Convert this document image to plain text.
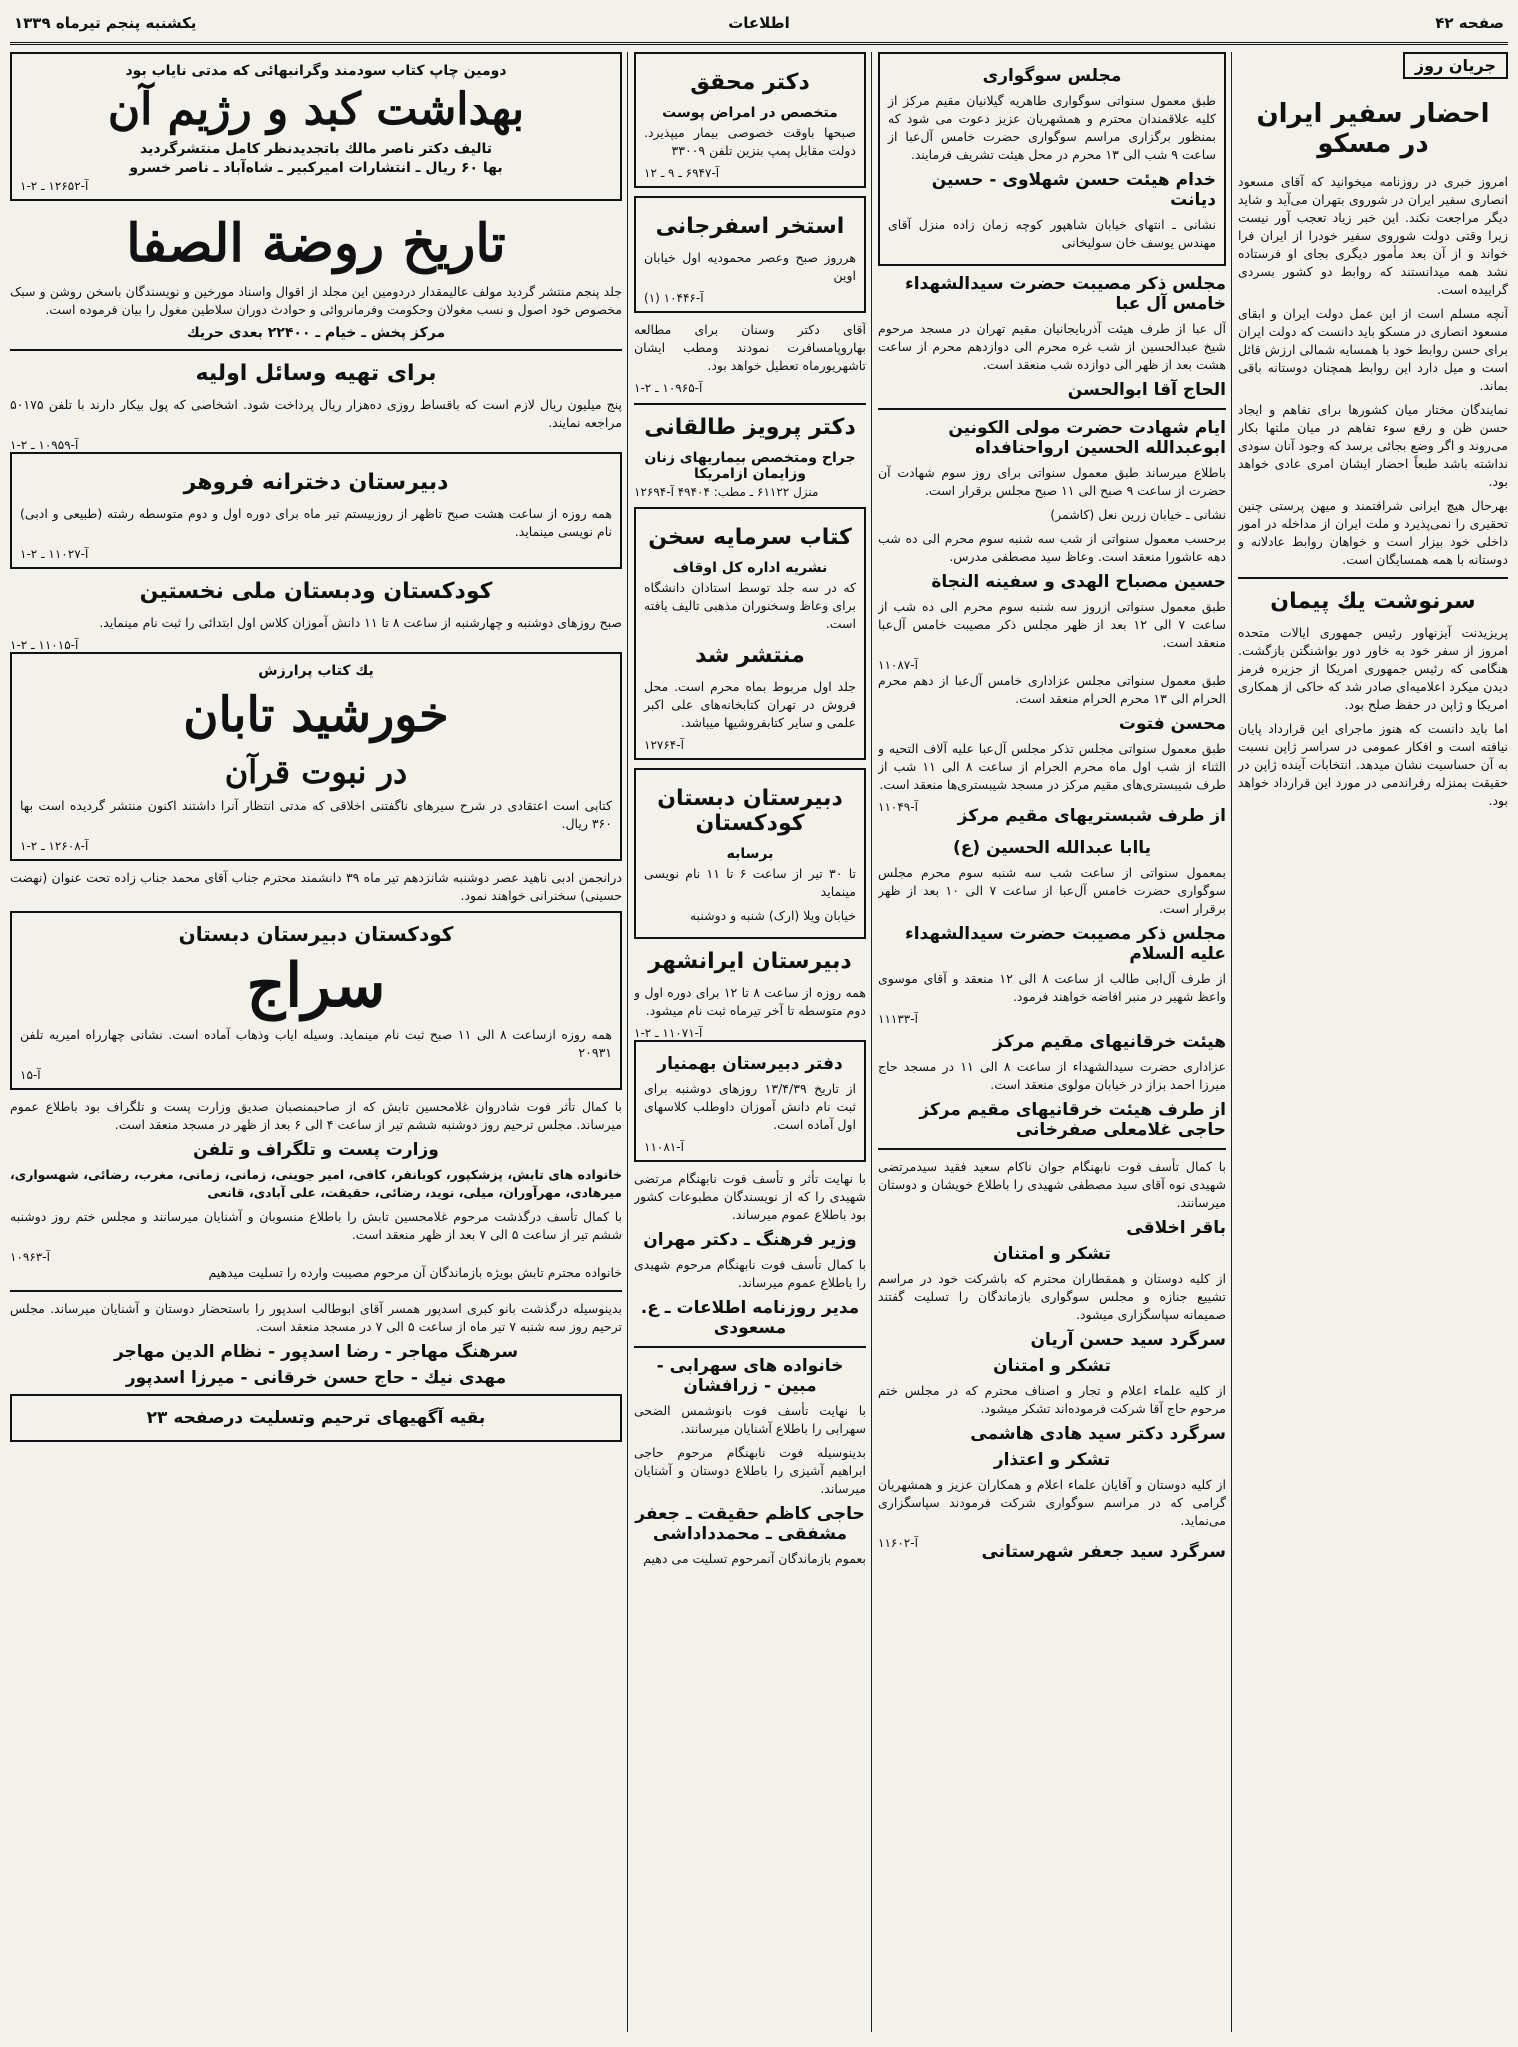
صفحه ۴۲
اطلاعات
یکشنبه پنجم تیرماه ۱۳۳۹
جریان روز
احضار سفیر ایران در مسکو

امروز خبری در روزنامه میخوانید که آقای مسعود انصاری سفیر ایران در شوروی بتهران می‌آید و شاید دیگر مراجعت نکند. این خبر زیاد تعجب آور نیست زیرا وقتی دولت شوروی سفیر خودرا از ایران فرا خواند و از آن بعد مأمور دیگری بجای او فرستاده نشد همه میدانستند که روابط دو کشور بسردی گراییده است.

آنچه مسلم است از این عمل دولت ایران و ابقای مسعود انصاری در مسکو باید دانست که دولت ایران برای حسن روابط خود با همسایه شمالی ارزش قائل است و میل دارد این روابط همچنان دوستانه باقی بماند.

نمایندگان مختار میان کشورها برای تفاهم و ایجاد حسن ظن و رفع سوء تفاهم در میان ملتها بکار می‌روند و اگر وضع بجائی برسد که وجود آنان سودی نداشته باشد طبعاً احضار ایشان امری عادی خواهد بود.

بهرحال هیچ ایرانی شرافتمند و میهن پرستی چنین تحقیری را نمی‌پذیرد و ملت ایران از مداخله در امور داخلی خود بیزار است و خواهان روابط عادلانه و دوستانه با همه همسایگان است.

سرنوشت یك پیمان

پریزیدنت آیزنهاور رئیس جمهوری ایالات متحده امروز از سفر خود به خاور دور بواشنگتن بازگشت. هنگامی که رئیس جمهوری امریکا از جزیره فرمز دیدن میکرد اعلامیه‌ای صادر شد که حاکی از همکاری امریکا و ژاپن در حفظ صلح بود.

اما باید دانست که هنوز ماجرای این قرارداد پایان نیافته است و افکار عمومی در سراسر ژاپن نسبت به آن حساسیت نشان میدهد. انتخابات آینده ژاپن در حقیقت بمنزله رفراندمی در مورد این قرارداد خواهد بود.

مجلس سوگواری

طبق معمول سنواتی سوگواری طاهریه گیلانیان مقیم مرکز از کلیه علاقمندان محترم و همشهریان عزیز دعوت می شود که بمنظور برگزاری مراسم سوگواری حضرت خامس آل‌عبا از ساعت ۹ شب الی ۱۳ محرم در محل هیئت تشریف فرمایند.

خدام هیئت حسن شهلاوی - حسین دیانت

نشانی ـ انتهای خیابان شاهپور کوچه زمان زاده منزل آقای مهندس یوسف خان سولیخانی

مجلس ذکر مصیبت حضرت سیدالشهداء خامس آل عبا

آل عبا از طرف هیئت آذربایجانیان مقیم تهران در مسجد مرحوم شیخ عبدالحسین از شب غره محرم الی دوازدهم محرم از ساعت هشت بعد از ظهر الی دوازده شب منعقد است.

الحاج آقا ابوالحسن
ایام شهادت حضرت مولی الکونین ابوعبدالله الحسین ارواحنافداه

باطلاع میرساند طبق معمول سنواتی برای روز سوم شهادت آن حضرت از ساعت ۹ صبح الی ۱۱ صبح مجلس برقرار است.

نشانی ـ خیابان زرین نعل (کاشمر)

برحسب معمول سنواتی از شب سه شنبه سوم محرم الی ده شب دهه عاشورا منعقد است. وعاظ سید مصطفی مدرس.

حسین مصباح الهدی و سفینه النجاة

طبق معمول سنواتی ازروز سه شنبه سوم محرم الی ده شب از ساعت ۷ الی ۱۲ بعد از ظهر مجلس ذکر مصیبت خامس آل‌عبا منعقد است.

آ-۱۱۰۸۷

طبق معمول سنواتی مجلس عزاداری خامس آل‌عبا از دهم محرم الحرام الی ۱۳ محرم الحرام منعقد است.

محسن فتوت

طبق معمول سنواتی مجلس تذکر مجلس آل‌عبا علیه آلاف التحیه و الثناء از شب اول ماه محرم الحرام از ساعت ۸ الی ۱۱ شب از طرف شیبستری‌های مقیم مرکز در مسجد شیبستری‌ها منعقد است.

از طرف شبستریهای مقیم مرکز
آ-۱۱۰۴۹
یاابا عبدالله الحسین (ع)

بمعمول سنواتی از ساعت شب سه شنبه سوم محرم مجلس سوگواری حضرت خامس آل‌عبا از ساعت ۷ الی ۱۰ بعد از ظهر برقرار است.

مجلس ذکر مصیبت حضرت سیدالشهداء علیه السلام

از طرف آل‌ابی طالب از ساعت ۸ الی ۱۲ منعقد و آقای موسوی واعظ شهیر در منبر افاضه خواهند فرمود.

آ-۱۱۱۳۳
هیئت خرقانیهای مقیم مرکز

عزاداری حضرت سیدالشهداء از ساعت ۸ الی ۱۱ در مسجد حاج میرزا احمد بزاز در خیابان مولوی منعقد است.

از طرف هیئت خرقانیهای مقیم مرکز حاجی غلامعلی صفرخانی

با کمال تأسف فوت نابهنگام جوان ناکام سعید فقید سیدمرتضی شهیدی نوه آقای سید مصطفی شهیدی را باطلاع خویشان و دوستان میرسانند.

باقر اخلاقی
تشکر و امتنان

از کلیه دوستان و همقطاران محترم که باشرکت خود در مراسم تشییع جنازه و مجلس سوگواری بازماندگان را تسلیت گفتند صمیمانه سپاسگزاری میشود.

سرگرد سید حسن آریان
تشکر و امتنان

از کلیه علماء اعلام و تجار و اصناف محترم که در مجلس ختم مرحوم حاج آقا شرکت فرموده‌اند تشکر میشود.

سرگرد دکتر سید هادی هاشمی
تشکر و اعتذار

از کلیه دوستان و آقایان علماء اعلام و همکاران عزیز و همشهریان گرامی که در مراسم سوگواری شرکت فرمودند سپاسگزاری می‌نماید.

سرگرد سید جعفر شهرستانی
آ-۱۱۶۰۲
دکتر محقق
متخصص در امراض پوست

صبحها باوقت خصوصی بیمار میپذیرد. دولت مقابل پمپ بنزین تلفن ۳۳۰۰۹

آ-۶۹۴۷ ـ ۹ ـ ۱۲
استخر اسفرجانی

هرروز صبح وعصر محمودیه اول خیابان اوین

آ-۱۰۴۴۶ (۱)

آقای دکتر وسنان برای مطالعه بهاروپامسافرت نمودند ومطب ایشان تاشهریورماه تعطیل خواهد بود.

آ-۱۰۹۶۵ ـ ۲-۱
دکتر پرویز طالقانی
جراح ومتخصص بیماریهای زنان وزایمان ازامریکا
منزل ۶۱۱۲۲ ـ مطب: ۴۹۴۰۴ آ-۱۲۶۹۴
کتاب سرمایه سخن
نشریه اداره کل اوقاف

که در سه جلد توسط استادان دانشگاه برای وعاظ وسخنوران مذهبی تالیف یافته است.

منتشر شد

جلد اول مربوط بماه محرم است. محل فروش در تهران کتابخانه‌های علی اکبر علمی و سایر کتابفروشیها میباشد.

آ-۱۲۷۶۴
دبیرستان دبستان کودکستان
برسابه

تا ۳۰ تیر از ساعت ۶ تا ۱۱ نام نویسی مینماید

خیابان ویلا (ارک) شنبه و دوشنبه

دبیرستان ایرانشهر

همه روزه از ساعت ۸ تا ۱۲ برای دوره اول و دوم متوسطه تا آخر تیرماه ثبت نام میشود.

آ-۱۱۰۷۱ ـ ۲-۱
دفتر دبیرستان بهمنیار

از تاریخ ۱۳/۴/۳۹ روزهای دوشنبه برای ثبت نام دانش آموزان داوطلب کلاسهای اول آماده است.

آ-۱۱۰۸۱

با نهایت تأثر و تأسف فوت نابهنگام مرتضی شهیدی را که از نویسندگان مطبوعات کشور بود باطلاع عموم میرساند.

وزیر فرهنگ ـ دکتر مهران

با کمال تأسف فوت نابهنگام مرحوم شهیدی را باطلاع عموم میرساند.

مدیر روزنامه اطلاعات ـ ع. مسعودی
خانواده های سهرابی - مبین - زرافشان

با نهایت تأسف فوت بانوشمس الضحی سهرابی را باطلاع آشنایان میرسانند.

بدینوسیله فوت نابهنگام مرحوم حاجی ابراهیم آشیزی را باطلاع دوستان و آشنایان میرساند.

حاجی کاظم حقیقت ـ جعفر مشفقی ـ محمدداداشی

بعموم بازماندگان آنمرحوم تسلیت می دهیم

دومین چاپ کتاب سودمند وگرانبهائی که مدتی نایاب بود
بهداشت کبد و رژیم آن
تالیف دکتر ناصر مالك باتجدیدنظر کامل منتشرگردید
بها ۶۰ ریال ـ انتشارات امیرکبیر ـ شاه‌آباد ـ ناصر خسرو
آ-۱۲۶۵۲ ـ ۲-۱
تاریخ روضة الصفا

جلد پنجم منتشر گردید مولف عالیمقدار دردومین این مجلد از اقوال واسناد مورخین و نویسندگان باسخن روشن و سبک مخصوص خود اصول و نسب مغولان وحکومت وفرمانروائی و حوادث دوران سلاطین مغول را بیان فرموده است.

مرکز پخش ـ خیام ـ ۲۲۴۰۰ بعدی حریك
برای تهیه وسائل اولیه

پنج میلیون ریال لازم است که باقساط روزی ده‌هزار ریال پرداخت شود. اشخاصی که پول بیکار دارند با تلفن ۵۰۱۷۵ مراجعه نمایند.

آ-۱۰۹۵۹ ـ ۲-۱
دبیرستان دخترانه فروهر

همه روزه از ساعت هشت صبح تاظهر از روزبیستم تیر ماه برای دوره اول و دوم متوسطه رشته (طبیعی و ادبی) نام نویسی مینماید.

آ-۱۱۰۲۷ ـ ۲-۱
کودکستان ودبستان ملی نخستین

صبح روزهای دوشنبه و چهارشنبه از ساعت ۸ تا ۱۱ دانش آموزان کلاس اول ابتدائی را ثبت نام مینماید.

آ-۱۱۰۱۵ ـ ۲-۱
یك کتاب پرارزش
خورشید تابان
در نبوت قرآن

کتابی است اعتقادی در شرح سیرهای ناگفتنی اخلاقی که مدتی انتظار آنرا داشتند اکنون منتشر گردیده است بها ۳۶۰ ریال.

آ-۱۲۶۰۸ ـ ۲-۱

درانجمن ادبی ناهید عصر دوشنبه شانزدهم تیر ماه ۳۹ دانشمند محترم جناب آقای محمد جناب زاده تحت عنوان (نهضت حسینی) سخنرانی خواهند نمود.

کودکستان دبیرستان دبستان
سراج

همه روزه ازساعت ۸ الی ۱۱ صبح ثبت نام مینماید. وسیله ایاب وذهاب آماده است. نشانی چهارراه امیریه تلفن ۲۰۹۳۱

آ-۱۵

با کمال تأثر فوت شادروان غلامحسین تابش که از صاحبمنصبان صدیق وزارت پست و تلگراف بود باطلاع عموم میرساند. مجلس ترحیم روز دوشنبه ششم تیر از ساعت ۴ الی ۶ بعد از ظهر در مسجد منعقد است.

وزارت پست و تلگراف و تلفن

خانواده های تابش، پزشکپور، کوبانفر، کافی، امیر جوینی، زمانی، زمانی، مغرب، رضائی، شهسواری، میرهادی، مهرآوران، میلی، نوید، رضائی، حقیقت، علی آبادی، قانعی

با کمال تأسف درگذشت مرحوم غلامحسین تابش را باطلاع منسوبان و آشنایان میرسانند و مجلس ختم روز دوشنبه ششم تیر از ساعت ۵ الی ۷ بعد از ظهر منعقد است.

آ-۱۰۹۶۳

خانواده محترم تابش بویژه بازماندگان آن مرحوم مصیبت وارده را تسلیت میدهیم

بدینوسیله درگذشت بانو کبری اسدپور همسر آقای ابوطالب اسدپور را باستحضار دوستان و آشنایان میرساند. مجلس ترحیم روز سه شنبه ۷ تیر ماه از ساعت ۵ الی ۷ در مسجد منعقد است.

سرهنگ مهاجر - رضا اسدپور - نظام الدین مهاجر
مهدی نیك - حاج حسن خرقانی - میرزا اسدپور
بقیه آگهیهای ترحیم وتسلیت درصفحه ۲۳
